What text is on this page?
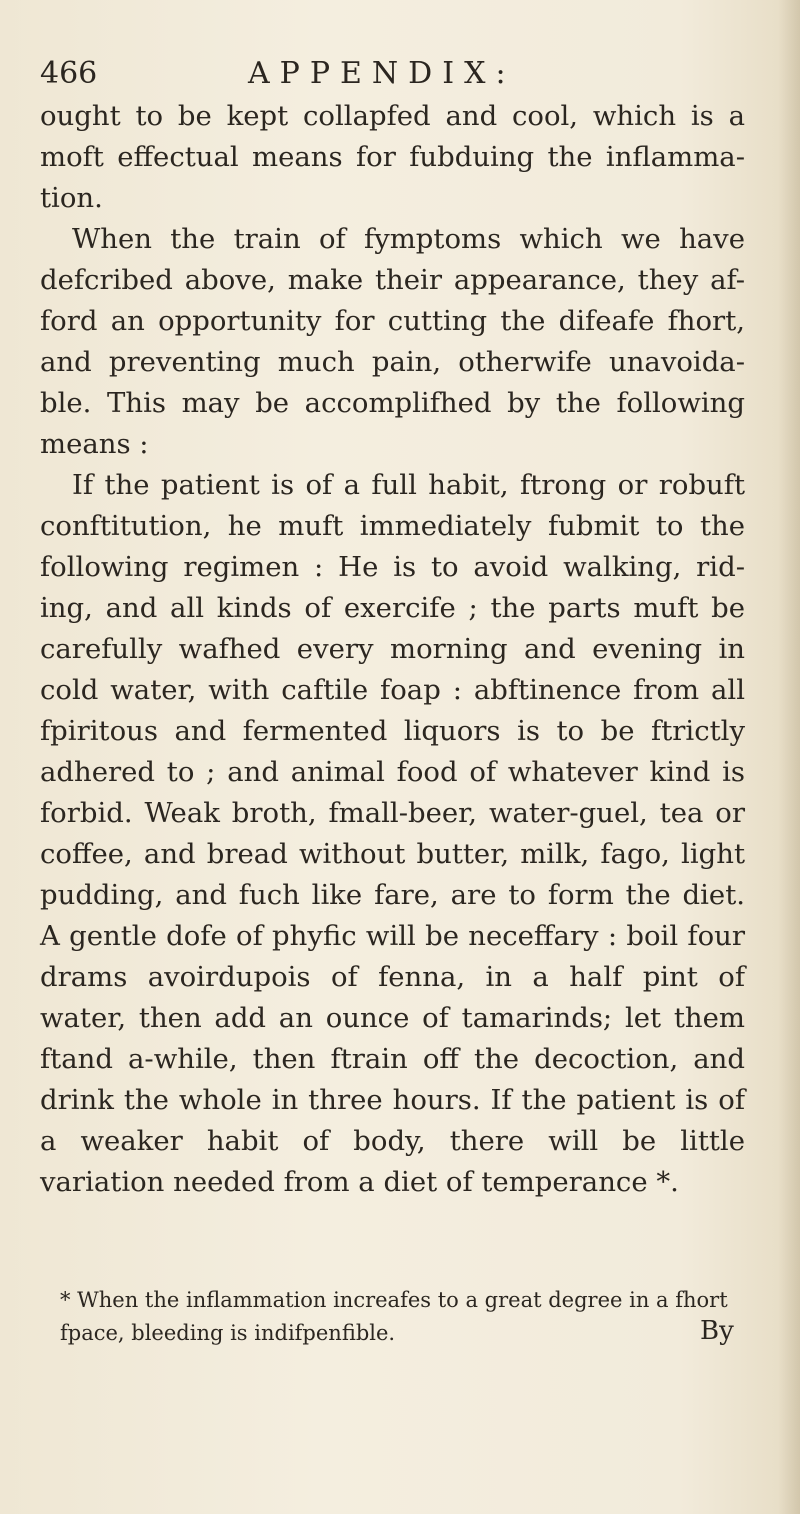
466	APPENDIX:

ought to be kept collapfed and cool, which is a moft effectual means for fubduing the inflamma- tion.

When the train of fymptoms which we have defcribed above, make their appearance, they af- ford an opportunity for cutting the difeafe fhort, and preventing much pain, otherwife unavoida- ble. This may be accomplifhed by the following means :

If the patient is of a full habit, ftrong or robuft conftitution, he muft immediately fubmit to the following regimen : He is to avoid walking, rid- ing, and all kinds of exercife ; the parts muft be carefully wafhed every morning and evening in cold water, with caftile foap : abftinence from all fpiritous and fermented liquors is to be ftrictly adhered to ; and animal food of whatever kind is forbid. Weak broth, fmall-beer, water-guel, tea or coffee, and bread without butter, milk, fago, light pudding, and fuch like fare, are to form the diet. A gentle dofe of phyfic will be neceffary : boil four drams avoirdupois of fenna, in a half pint of water, then add an ounce of tamarinds; let them ftand a-while, then ftrain off the decoction, and drink the whole in three hours. If the patient is of a weaker habit of body, there will be little variation needed from a diet of temperance *.

* When the inflammation increafes to a great degree in a fhort fpace, bleeding is indifpenfible.	By
